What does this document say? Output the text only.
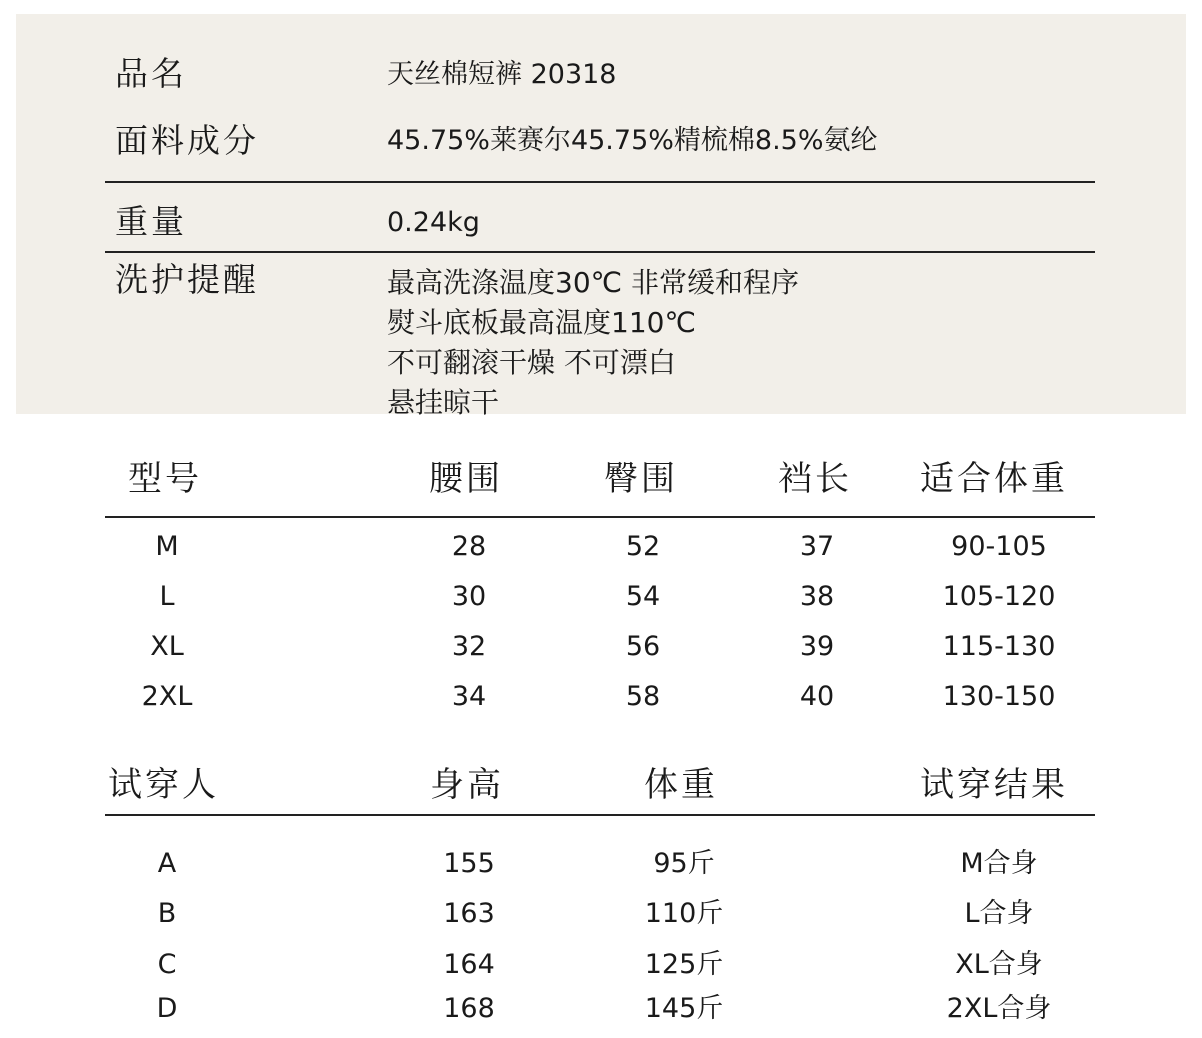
品名	天丝棉短裤 20318
面料成分	45.75%莱赛尔45.75%精梳棉8.5%氨纶
重量	0.24kg
洗护提醒	最高洗涤温度30℃ 非常缓和程序
熨斗底板最高温度110℃
不可翻滚干燥 不可漂白
悬挂晾干
型号	腰围	臀围	裆长 适合体重
M	28	52	37	90-105
L	30	54	38	105-120
XL	32	56	39	115-130
2XL	34	58	40	130-150
试穿人	身高	体重	试穿结果
A	155	95斤	M合身
B	163	110斤	L合身
C	164	125斤	XL合身
D	168	145斤	2XL合身
